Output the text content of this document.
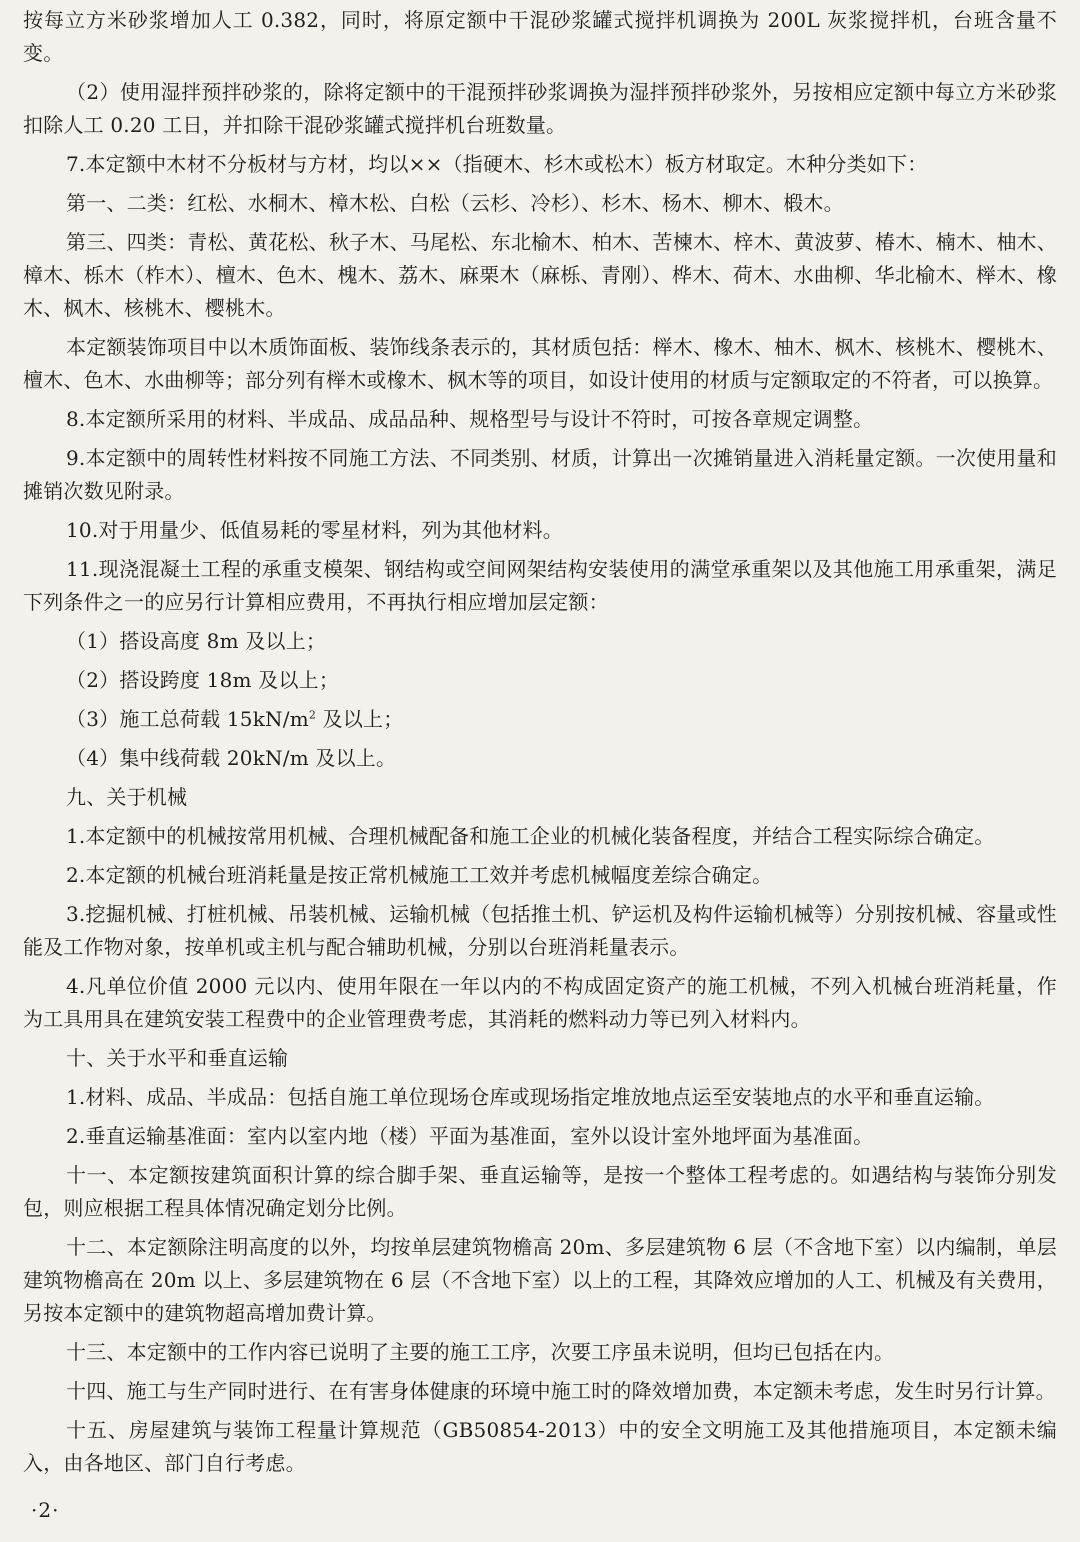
按每立方米砂浆增加人工 0.382，同时，将原定额中干混砂浆罐式搅拌机调换为 200L 灰浆搅拌机，台班含量不变。

（2）使用湿拌预拌砂浆的，除将定额中的干混预拌砂浆调换为湿拌预拌砂浆外，另按相应定额中每立方米砂浆扣除人工 0.20 工日，并扣除干混砂浆罐式搅拌机台班数量。

7.本定额中木材不分板材与方材，均以××（指硬木、杉木或松木）板方材取定。木种分类如下：

第一、二类：红松、水桐木、樟木松、白松（云杉、冷杉）、杉木、杨木、柳木、椴木。

第三、四类：青松、黄花松、秋子木、马尾松、东北榆木、柏木、苦楝木、梓木、黄波萝、椿木、楠木、柚木、樟木、栎木（柞木）、檀木、色木、槐木、荔木、麻栗木（麻栎、青刚）、桦木、荷木、水曲柳、华北榆木、榉木、橡木、枫木、核桃木、樱桃木。

本定额装饰项目中以木质饰面板、装饰线条表示的，其材质包括：榉木、橡木、柚木、枫木、核桃木、樱桃木、檀木、色木、水曲柳等；部分列有榉木或橡木、枫木等的项目，如设计使用的材质与定额取定的不符者，可以换算。

8.本定额所采用的材料、半成品、成品品种、规格型号与设计不符时，可按各章规定调整。

9.本定额中的周转性材料按不同施工方法、不同类别、材质，计算出一次摊销量进入消耗量定额。一次使用量和摊销次数见附录。

10.对于用量少、低值易耗的零星材料，列为其他材料。

11.现浇混凝土工程的承重支模架、钢结构或空间网架结构安装使用的满堂承重架以及其他施工用承重架，满足下列条件之一的应另行计算相应费用，不再执行相应增加层定额：

（1）搭设高度 8m 及以上；

（2）搭设跨度 18m 及以上；

（3）施工总荷载 $15kN/m^2$ 及以上；

（4）集中线荷载 20kN/m 及以上。

九、关于机械

1.本定额中的机械按常用机械、合理机械配备和施工企业的机械化装备程度，并结合工程实际综合确定。

2.本定额的机械台班消耗量是按正常机械施工工效并考虑机械幅度差综合确定。

3.挖掘机械、打桩机械、吊装机械、运输机械（包括推土机、铲运机及构件运输机械等）分别按机械、容量或性能及工作物对象，按单机或主机与配合辅助机械，分别以台班消耗量表示。

4.凡单位价值 2000 元以内、使用年限在一年以内的不构成固定资产的施工机械，不列入机械台班消耗量，作为工具用具在建筑安装工程费中的企业管理费考虑，其消耗的燃料动力等已列入材料内。

十、关于水平和垂直运输

1.材料、成品、半成品：包括自施工单位现场仓库或现场指定堆放地点运至安装地点的水平和垂直运输。

2.垂直运输基准面：室内以室内地（楼）平面为基准面，室外以设计室外地坪面为基准面。

十一、本定额按建筑面积计算的综合脚手架、垂直运输等，是按一个整体工程考虑的。如遇结构与装饰分别发包，则应根据工程具体情况确定划分比例。

十二、本定额除注明高度的以外，均按单层建筑物檐高 20m、多层建筑物 6 层（不含地下室）以内编制，单层建筑物檐高在 20m 以上、多层建筑物在 6 层（不含地下室）以上的工程，其降效应增加的人工、机械及有关费用，另按本定额中的建筑物超高增加费计算。

十三、本定额中的工作内容已说明了主要的施工工序，次要工序虽未说明，但均已包括在内。

十四、施工与生产同时进行、在有害身体健康的环境中施工时的降效增加费，本定额未考虑，发生时另行计算。

十五、房屋建筑与装饰工程量计算规范（GB50854-2013）中的安全文明施工及其他措施项目，本定额未编入，由各地区、部门自行考虑。

·2·
